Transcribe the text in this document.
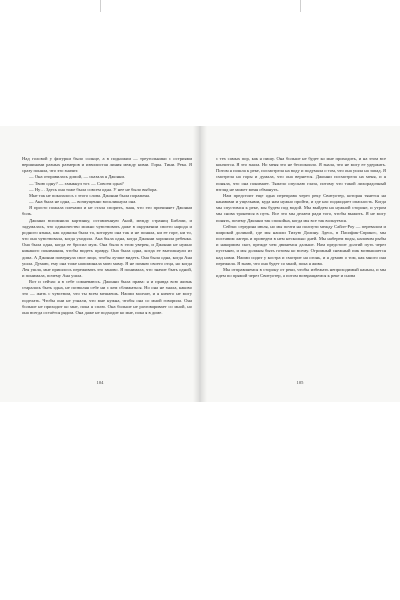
Над головой у фигурки было солнце, а в подножии — треугольники с остриями вершинами разных размеров и извилистая линия между ними. Горы. Тини. Река. Я сразу поняла, что это значит.

— Она отправилась домой, — сказала я Джонни.

— Твою одну? — хмыкнул тот. — Совсем одна?

— Ну… Здесь она тоже была совсем одна. У нее не было выбора.

Мне так не показалось с этого слова. Джонни была поражена.

— Ана была не одна, — возмущенно воскликнула она.

Я просто пожала плечами и не стала спорить, зная, что это причиняет Джонни боль.

Джонни вспомнила картинку, оставленную Аной, между страниц Библии, и задумалась, что одиночество можно чувствовать даже в окружении своего народа и родного языка, как одинока была та, которую она так и не поняла, ни ее горе, ни то, что она чувствовала, когда уходила. Ана была одна, когда Джонни хоронила ребенка. Она была одна, когда ее бросил муж. Она была в этом уверен, и Джонни не нужно никакого понимания, чтобы видеть правду. Она была одна, когда ее вытолкнули из дома. А Джонни повернула свое лицо, чтобы лучше видеть. Она была одна, когда Ана ушла. Думаю, ему она тоже напоминала мою маму. Я не помню своего отца, но когда Лея ушла, мне пришлось переживать это заново. Я понимала, что значит быть одной, и понимала, почему Ана ушла.

Вот и сейчас я в себе сомневаюсь. Джонни была права: я и правда всю жизнь старалась быть одна, не позволяя себе ни с кем сближаться. Но она не знала, каково это — жить с чувством, что ты всем мешаешь. Наоми молчит, и я ничего не могу поделать. Чтобы они не узнали, что мне нужна, чтобы она со мной говорила. Она больше не приходит ко мне, пока я сплю. Она больше не разговаривает со мной, но она всегда остаётся рядом. Она даже не подходит ко мне, пока я в доме.

104

с тех самых пор, как я пишу. Она больше не будет ко мне приходить, и на этом все кончится. Я это знала. Но меня это не беспокоило. Я знала, что не могу ее удержать. Потом я пошла к реке, посмотрела на воду и подумала о том, что она ушла на запад. Я смотрела на горы и думала, что она вернется. Джонни посмотрела на меня, и я поняла, что она понимает. Тяжело опускаю глаза, потому что такой лихорадочный взгляд не может меня обмануть.

Нам предстоит еще одна переправа через реку Свитуотер, которая тянется на канавами и ущельями, куда нам нужно пройти, и где нас поджидает опасность. Когда мы спустимся к реке, мы будем под водой. Мы выйдем на нужной стороне, и утром мы снова тронемся в путь. Все это мы делаем ради того, чтобы выжить. Я не могу понять, почему Джонни так спокойна, когда мы все так волнуемся.

Сейчас середина июля, но мы почти на полпути между Сайлт-Роу — перевалом и широкой долиной, где мы нашли Тихую Долину. Здесь, в Пасифик-Спрингс, мы поставим лагерь и проведем в нем несколько дней. Мы наберем воды, наловим рыбы и накормим скот, прежде чем двинемся дальше. Нам предстоит долгий путь через пустыню, и мы должны быть готовы ко всему. Огромный снежный пик возвышается над нами. Наоми сидит у костра и смотрит на огонь, и я думаю о том, как много она пережила. Я знаю, что она будет со мной, пока я жива.

Мы отправляемся в сторону от реки, чтобы избежать непроходимый каньон, и мы идем по прямой через Свитуотер, а потом возвращаемся к реке и снова

105
